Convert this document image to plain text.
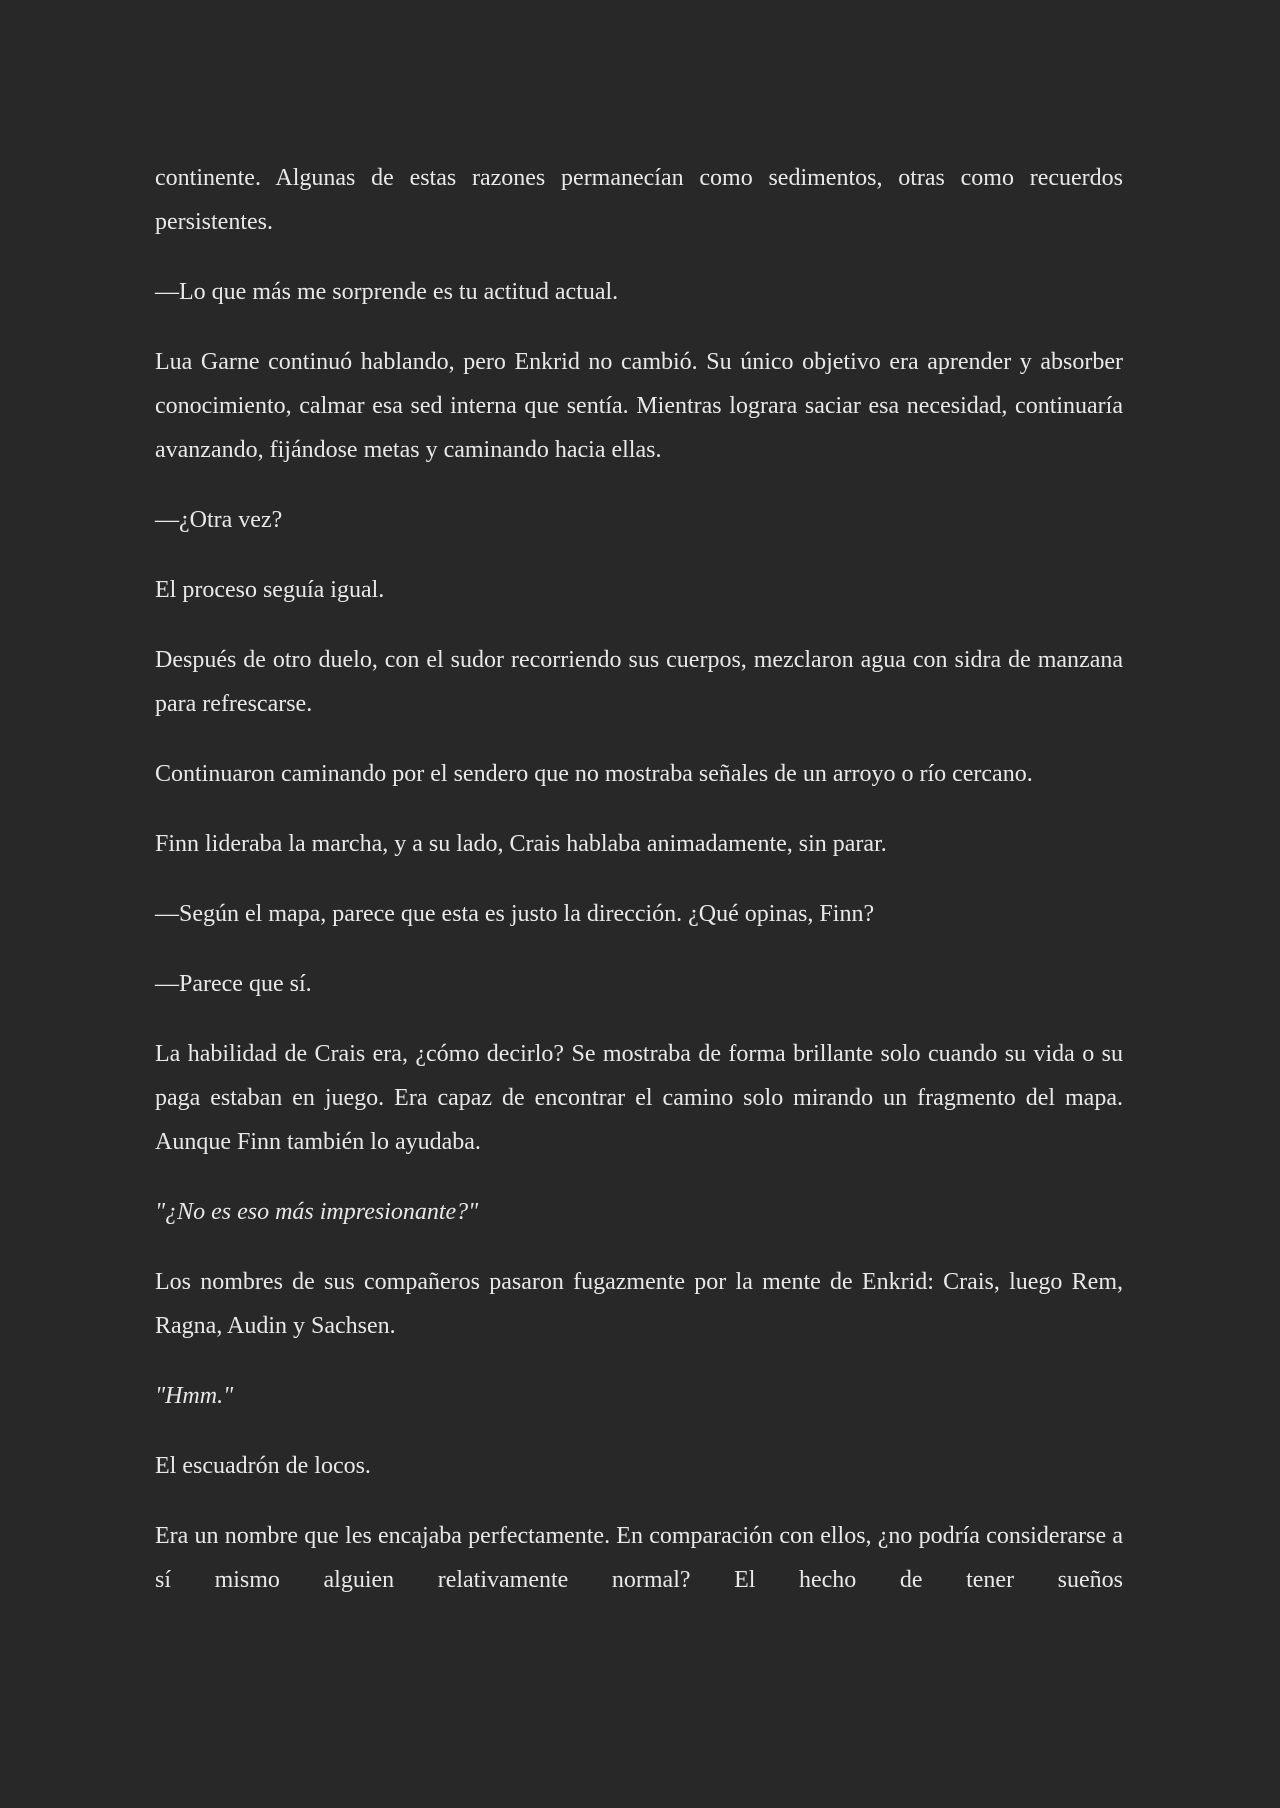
continente. Algunas de estas razones permanecían como sedimentos, otras como recuerdos persistentes.

—Lo que más me sorprende es tu actitud actual.

Lua Garne continuó hablando, pero Enkrid no cambió. Su único objetivo era aprender y absorber conocimiento, calmar esa sed interna que sentía. Mientras lograra saciar esa necesidad, continuaría avanzando, fijándose metas y caminando hacia ellas.

—¿Otra vez?

El proceso seguía igual.

Después de otro duelo, con el sudor recorriendo sus cuerpos, mezclaron agua con sidra de manzana para refrescarse.

Continuaron caminando por el sendero que no mostraba señales de un arroyo o río cercano.

Finn lideraba la marcha, y a su lado, Crais hablaba animadamente, sin parar.

—Según el mapa, parece que esta es justo la dirección. ¿Qué opinas, Finn?

—Parece que sí.

La habilidad de Crais era, ¿cómo decirlo? Se mostraba de forma brillante solo cuando su vida o su paga estaban en juego. Era capaz de encontrar el camino solo mirando un fragmento del mapa. Aunque Finn también lo ayudaba.

"¿No es eso más impresionante?"

Los nombres de sus compañeros pasaron fugazmente por la mente de Enkrid: Crais, luego Rem, Ragna, Audin y Sachsen.

"Hmm."

El escuadrón de locos.

Era un nombre que les encajaba perfectamente. En comparación con ellos, ¿no podría considerarse a sí mismo alguien relativamente normal? El hecho de tener sueños
